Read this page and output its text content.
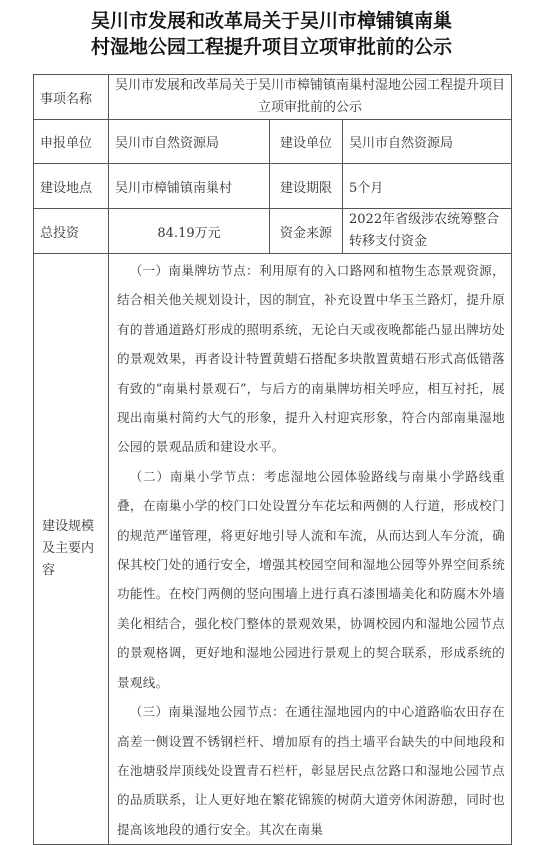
吴川市发展和改革局关于吴川市樟铺镇南巢
村湿地公园工程提升项目立项审批前的公示
事项名称	吴川市发展和改革局关于吴川市樟铺镇南巢村湿地公园工程提升项目立项审批前的公示		
申报单位	吴川市自然资源局	建设单位	吴川市自然资源局
建设地点	吴川市樟铺镇南巢村	建设期限	5个月
总投资	84.19万元	资金来源	2022年省级涉农统筹整合转移支付资金
建设规模及主要内容	（一）南巢牌坊节点：利用原有的入口路网和植物生态景观资源，结合相关他关规划设计，因的制宜，补充设置中华玉兰路灯，提升原有的普通道路灯形成的照明系统，无论白天或夜晚都能凸显出牌坊处的景观效果，再者设计特置黄蜡石搭配多块散置黄蜡石形式高低错落有致的“南巢村景观石”，与后方的南巢牌坊相关呼应，相互衬托，展现出南巢村简约大气的形象，提升入村迎宾形象，符合内部南巢湿地公园的景观品质和建设水平。

（二）南巢小学节点：考虑湿地公园体验路线与南巢小学路线重叠，在南巢小学的校门口处设置分车花坛和两侧的人行道，形成校门的规范严谨管理，将更好地引导人流和车流，从而达到人车分流，确保其校门处的通行安全，增强其校园空间和湿地公园等外界空间系统功能性。在校门两侧的竖向围墙上进行真石漆围墙美化和防腐木外墙美化相结合，强化校门整体的景观效果，协调校园内和湿地公园节点的景观格调，更好地和湿地公园进行景观上的契合联系，形成系统的景观线。

（三）南巢湿地公园节点：在通往湿地园内的中心道路临农田存在高差一侧设置不锈钢栏杆、增加原有的挡土墙平台缺失的中间地段和在池塘驳岸顶线处设置青石栏杆，彰显居民点岔路口和湿地公园节点的品质联系，让人更好地在繁花锦簇的树荫大道旁休闲游憩，同时也提高该地段的通行安全。其次在南巢		
